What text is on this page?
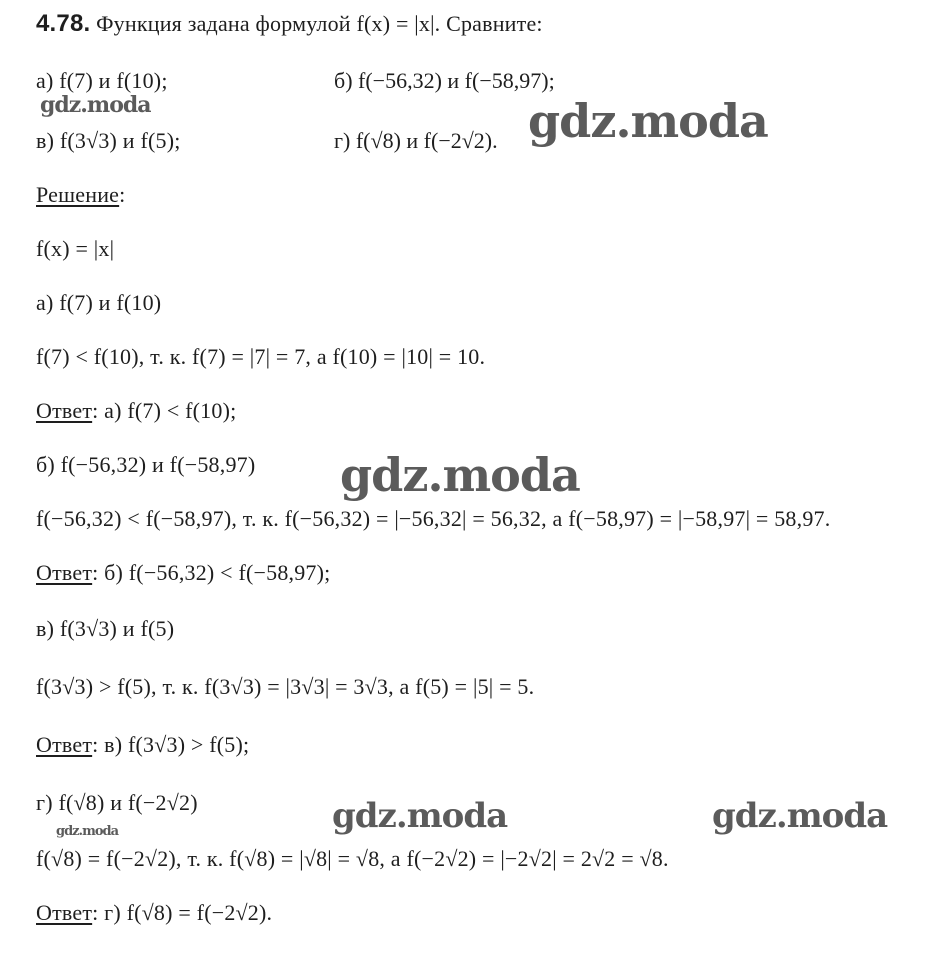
4.78. Функция задана формулой f(x) = |x|. Сравните:
а) f(7) и f(10);	б) f(−56,32) и f(−58,97);
в) f(3√3) и f(5);	г) f(√8) и f(−2√2).
Решение:
f(x) = |x|
а) f(7) и f(10)
f(7) < f(10), т. к. f(7) = |7| = 7, а f(10) = |10| = 10.
Ответ: а) f(7) < f(10);
б) f(−56,32) и f(−58,97)
f(−56,32) < f(−58,97), т. к. f(−56,32) = |−56,32| = 56,32, а f(−58,97) = |−58,97| = 58,97.
Ответ: б) f(−56,32) < f(−58,97);
в) f(3√3) и f(5)
f(3√3) > f(5), т. к. f(3√3) = |3√3| = 3√3, а f(5) = |5| = 5.
Ответ: в) f(3√3) > f(5);
г) f(√8) и f(−2√2)
f(√8) = f(−2√2), т. к. f(√8) = |√8| = √8, а f(−2√2) = |−2√2| = 2√2 = √8.
Ответ: г) f(√8) = f(−2√2).
gdz.moda	gdz.moda
gdz.moda
gdz.moda	gdz.moda
gdz.moda
